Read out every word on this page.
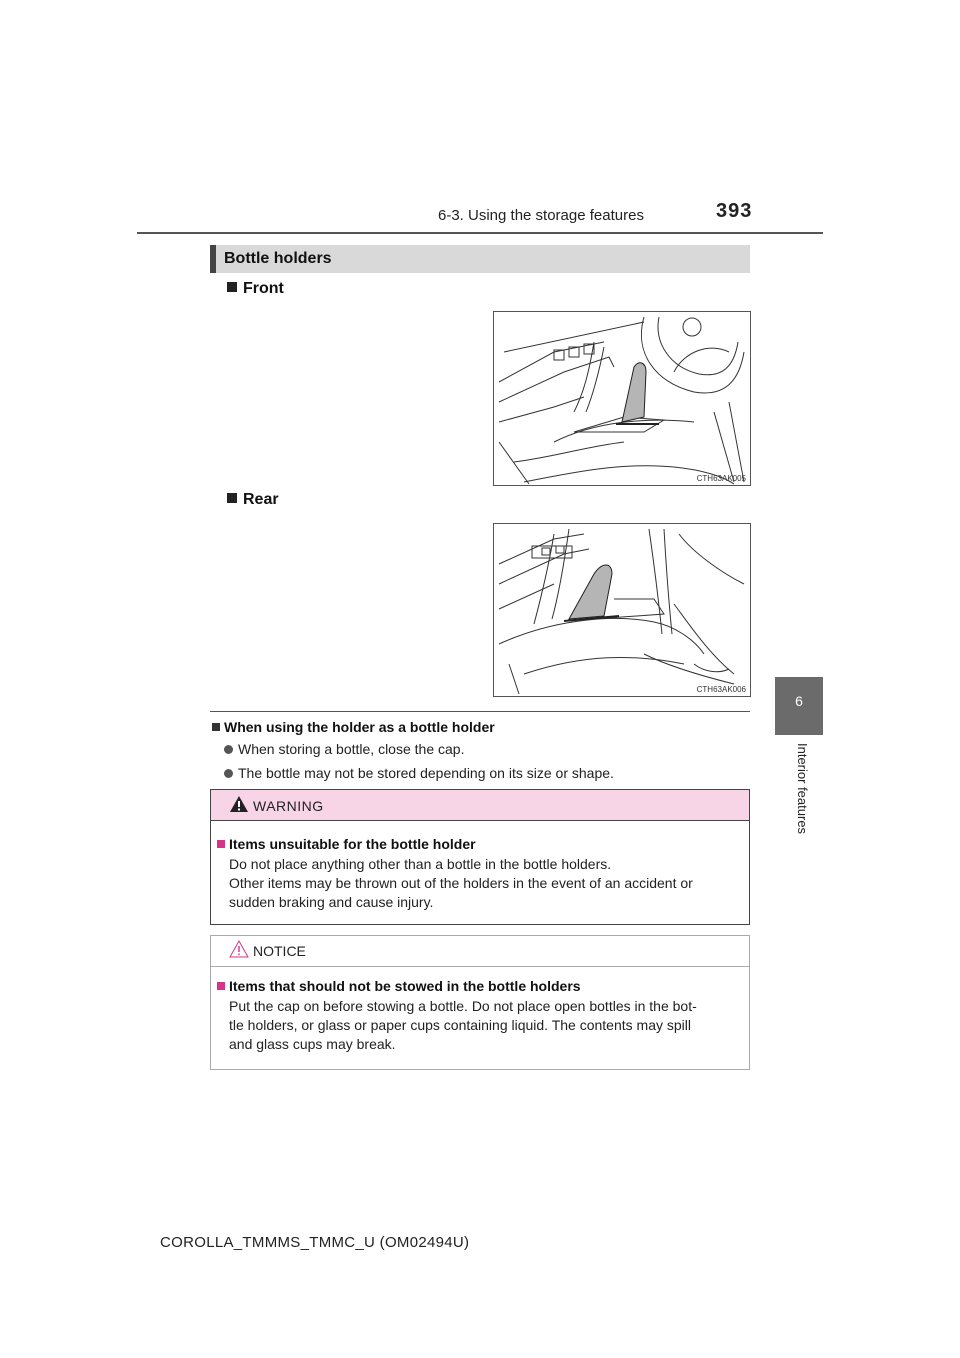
6-3. Using the storage features	393
6
Interior features
Bottle holders
Front
CTH63AK005
Rear
CTH63AK006
When using the holder as a bottle holder
When storing a bottle, close the cap.
The bottle may not be stored depending on its size or shape.
WARNING
Items unsuitable for the bottle holder
Do not place anything other than a bottle in the bottle holders.
Other items may be thrown out of the holders in the event of an accident or
sudden braking and cause injury.
NOTICE
Items that should not be stowed in the bottle holders
Put the cap on before stowing a bottle. Do not place open bottles in the bot-
tle holders, or glass or paper cups containing liquid. The contents may spill
and glass cups may break.
COROLLA_TMMMS_TMMC_U (OM02494U)
